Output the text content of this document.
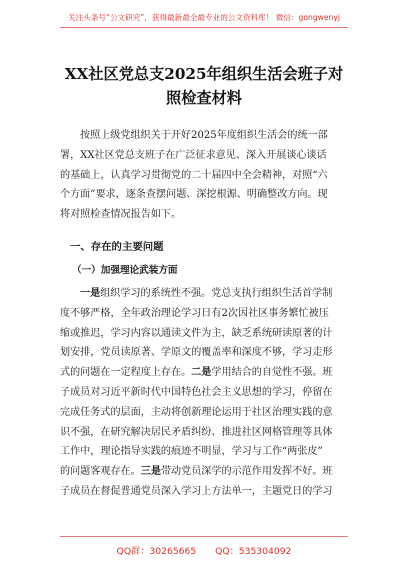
关注头条号“公文研究”，获得最新最全最专业的公文资料库！ 微信：gongwenyj
XX社区党总支2025年组织生活会班子对
照检查材料
按照上级党组织关于开好2025年度组织生活会的统一部
署，XX社区党总支班子在广泛征求意见、深入开展谈心谈话
的基础上，认真学习贯彻党的二十届四中全会精神，对照“六
个方面”要求，逐条查摆问题、深挖根源、明确整改方向。现
将对照检查情况报告如下。
一、存在的主要问题
（一）加强理论武装方面
一是组织学习的系统性不强。党总支执行组织生活首学制
度不够严格，全年政治理论学习日有2次因社区事务繁忙被压
缩或推迟，学习内容以通读文件为主，缺乏系统研读原著的计
划安排，党员读原著、学原文的覆盖率和深度不够，学习走形
式的问题在一定程度上存在。二是学用结合的自觉性不强。班
子成员对习近平新时代中国特色社会主义思想的学习，停留在
完成任务式的层面，主动将创新理论运用于社区治理实践的意
识不强，在研究解决居民矛盾纠纷、推进社区网格管理等具体
工作中，理论指导实践的痕迹不明显，学习与工作“两张皮”
的问题客观存在。三是带动党员深学的示范作用发挥不好。班
子成员在督促普通党员深入学习上方法单一，主题党日的学习
QQ群：30265665 QQ：535304092
